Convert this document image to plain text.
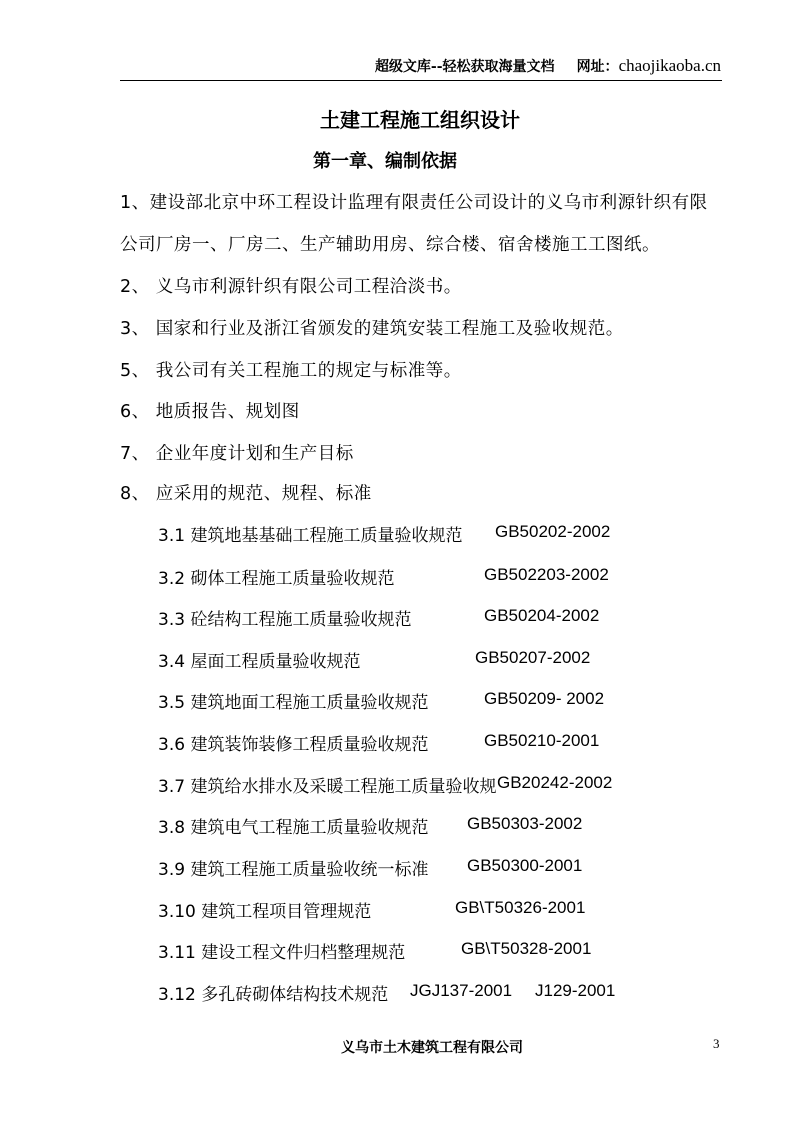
超级文库--轻松获取海量文档 网址：chaojikaoba.cn
土建工程施工组织设计
第一章、编制依据
1、建设部北京中环工程设计监理有限责任公司设计的义乌市利源针织有限
公司厂房一、厂房二、生产辅助用房、综合楼、宿舍楼施工工图纸。
2、 义乌市利源针织有限公司工程洽淡书。
3、 国家和行业及浙江省颁发的建筑安装工程施工及验收规范。
5、 我公司有关工程施工的规定与标准等。
6、 地质报告、规划图
7、 企业年度计划和生产目标
8、 应采用的规范、规程、标准
3.1 建筑地基基础工程施工质量验收规范 GB50202-2002
3.2 砌体工程施工质量验收规范	GB502203-2002
3.3 砼结构工程施工质量验收规范	GB50204-2002
3.4 屋面工程质量验收规范	GB50207-2002
3.5 建筑地面工程施工质量验收规范	GB50209- 2002
3.6 建筑装饰装修工程质量验收规范	GB50210-2001
3.7 建筑给水排水及采暖工程施工质量验收规 GB20242-2002
3.8 建筑电气工程施工质量验收规范 GB50303-2002
3.9 建筑工程施工质量验收统一标准 GB50300-2001
3.10 建筑工程项目管理规范	GB\T50326-2001
3.11 建设工程文件归档整理规范	GB\T50328-2001
3.12 多孔砖砌体结构技术规范 JGJ137-2001 J129-2001
义乌市土木建筑工程有限公司	3
